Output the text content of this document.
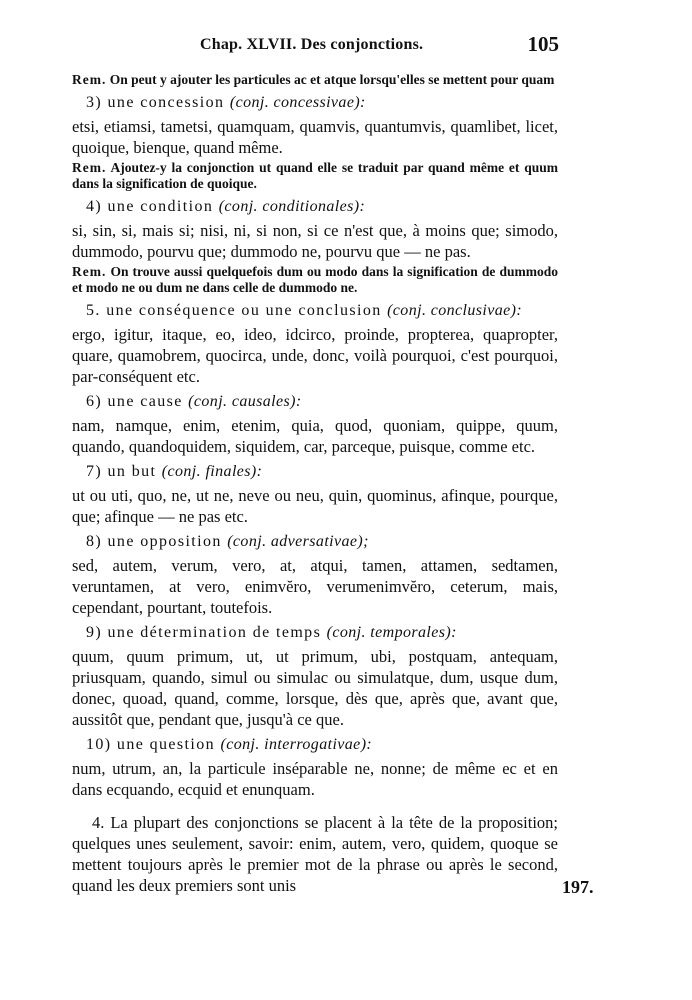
Chap. XLVII. Des conjonctions.	105

Rem. On peut y ajouter les particules ac et atque lorsqu'elles se mettent pour quam

3) une concession (conj. concessivae):

etsi, etiamsi, tametsi, quamquam, quamvis, quantumvis, quamlibet, licet, quoique, bienque, quand même.

Rem. Ajoutez-y la conjonction ut quand elle se traduit par quand même et quum dans la signification de quoique.

4) une condition (conj. conditionales):

si, sin, si, mais si; nisi, ni, si non, si ce n'est que, à moins que; simodo, dummodo, pourvu que; dummodo ne, pourvu que — ne pas.

Rem. On trouve aussi quelquefois dum ou modo dans la signification de dummodo et modo ne ou dum ne dans celle de dummodo ne.

5. une conséquence ou une conclusion (conj. conclusivae):

ergo, igitur, itaque, eo, ideo, idcirco, proinde, propterea, quapropter, quare, quamobrem, quocirca, unde, donc, voilà pourquoi, c'est pourquoi, par-conséquent etc.

6) une cause (conj. causales):

nam, namque, enim, etenim, quia, quod, quoniam, quippe, quum, quando, quandoquidem, siquidem, car, parceque, puisque, comme etc.

7) un but (conj. finales):

ut ou uti, quo, ne, ut ne, neve ou neu, quin, quominus, afinque, pourque, que; afinque — ne pas etc.

8) une opposition (conj. adversativae);

sed, autem, verum, vero, at, atqui, tamen, attamen, sedtamen, veruntamen, at vero, enimvĕro, verumenimvĕro, ceterum, mais, cependant, pourtant, toutefois.

9) une détermination de temps (conj. temporales):

quum, quum primum, ut, ut primum, ubi, postquam, antequam, priusquam, quando, simul ou simulac ou simulatque, dum, usque dum, donec, quoad, quand, comme, lorsque, dès que, après que, avant que, aussitôt que, pendant que, jusqu'à ce que.

10) une question (conj. interrogativae):

num, utrum, an, la particule inséparable ne, nonne; de même ec et en dans ecquando, ecquid et enunquam.

4. La plupart des conjonctions se placent à la tête de la proposition; quelques unes seulement, savoir: enim, autem, vero, quidem, quoque se mettent toujours après le premier mot de la phrase ou après le second, quand les deux premiers sont unis	197.
